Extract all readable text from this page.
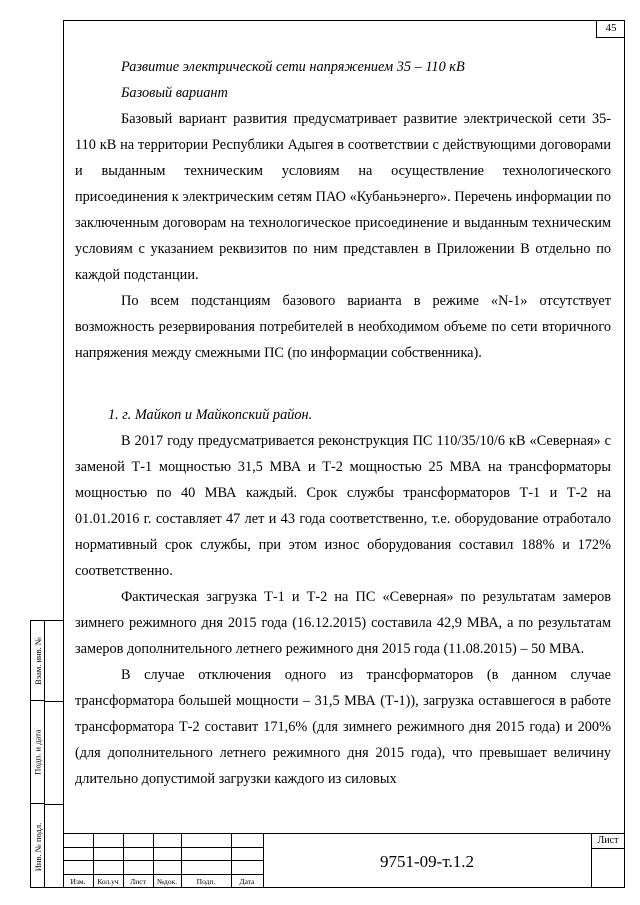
45

Развитие электрической сети напряжением 35 – 110 кВ

Базовый вариант

Базовый вариант развития предусматривает развитие электрической сети 35-110 кВ на территории Республики Адыгея в соответствии с действующими договорами и выданным техническим условиям на осуществление технологического присоединения к электрическим сетям ПАО «Кубаньэнерго». Перечень информации по заключенным договорам на технологическое присоединение и выданным техническим условиям с указанием реквизитов по ним представлен в Приложении В отдельно по каждой подстанции.

По всем подстанциям базового варианта в режиме «N-1» отсутствует возможность резервирования потребителей в необходимом объеме по сети вторичного напряжения между смежными ПС (по информации собственника).

1. г. Майкоп и Майкопский район.

В 2017 году предусматривается реконструкция ПС 110/35/10/6 кВ «Северная» с заменой Т-1 мощностью 31,5 МВА и Т-2 мощностью 25 МВА на трансформаторы мощностью по 40 МВА каждый. Срок службы трансформаторов Т-1 и Т-2 на 01.01.2016 г. составляет 47 лет и 43 года соответственно, т.е. оборудование отработало нормативный срок службы, при этом износ оборудования составил 188% и 172% соответственно.

Фактическая загрузка Т-1 и Т-2 на ПС «Северная» по результатам замеров зимнего режимного дня 2015 года (16.12.2015) составила 42,9 МВА, а по результатам замеров дополнительного летнего режимного дня 2015 года (11.08.2015) – 50 МВА.

В случае отключения одного из трансформаторов (в данном случае трансформатора большей мощности – 31,5 МВА (Т-1)), загрузка оставшегося в работе трансформатора Т-2 составит 171,6% (для зимнего режимного дня 2015 года) и 200% (для дополнительного летнего режимного дня 2015 года), что превышает величину длительно допустимой загрузки каждого из силовых

Взам. инв. №
Подп. и дата
Инв. № подл.
Изм.	Кол.уч	Лист	№док.	Подп.	Дата
9751-09-т.1.2
Лист
